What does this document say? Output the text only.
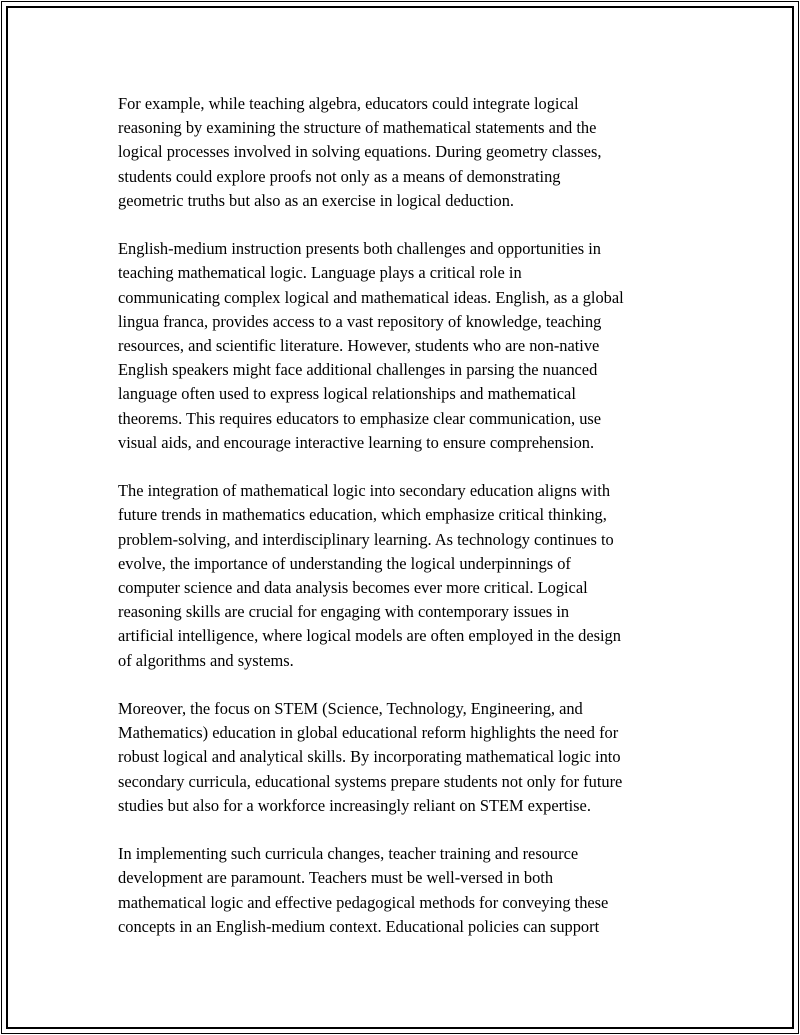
For example, while teaching algebra, educators could integrate logical
reasoning by examining the structure of mathematical statements and the
logical processes involved in solving equations. During geometry classes,
students could explore proofs not only as a means of demonstrating
geometric truths but also as an exercise in logical deduction.

English-medium instruction presents both challenges and opportunities in
teaching mathematical logic. Language plays a critical role in
communicating complex logical and mathematical ideas. English, as a global
lingua franca, provides access to a vast repository of knowledge, teaching
resources, and scientific literature. However, students who are non-native
English speakers might face additional challenges in parsing the nuanced
language often used to express logical relationships and mathematical
theorems. This requires educators to emphasize clear communication, use
visual aids, and encourage interactive learning to ensure comprehension.

The integration of mathematical logic into secondary education aligns with
future trends in mathematics education, which emphasize critical thinking,
problem-solving, and interdisciplinary learning. As technology continues to
evolve, the importance of understanding the logical underpinnings of
computer science and data analysis becomes ever more critical. Logical
reasoning skills are crucial for engaging with contemporary issues in
artificial intelligence, where logical models are often employed in the design
of algorithms and systems.

Moreover, the focus on STEM (Science, Technology, Engineering, and
Mathematics) education in global educational reform highlights the need for
robust logical and analytical skills. By incorporating mathematical logic into
secondary curricula, educational systems prepare students not only for future
studies but also for a workforce increasingly reliant on STEM expertise.

In implementing such curricula changes, teacher training and resource
development are paramount. Teachers must be well-versed in both
mathematical logic and effective pedagogical methods for conveying these
concepts in an English-medium context. Educational policies can support
